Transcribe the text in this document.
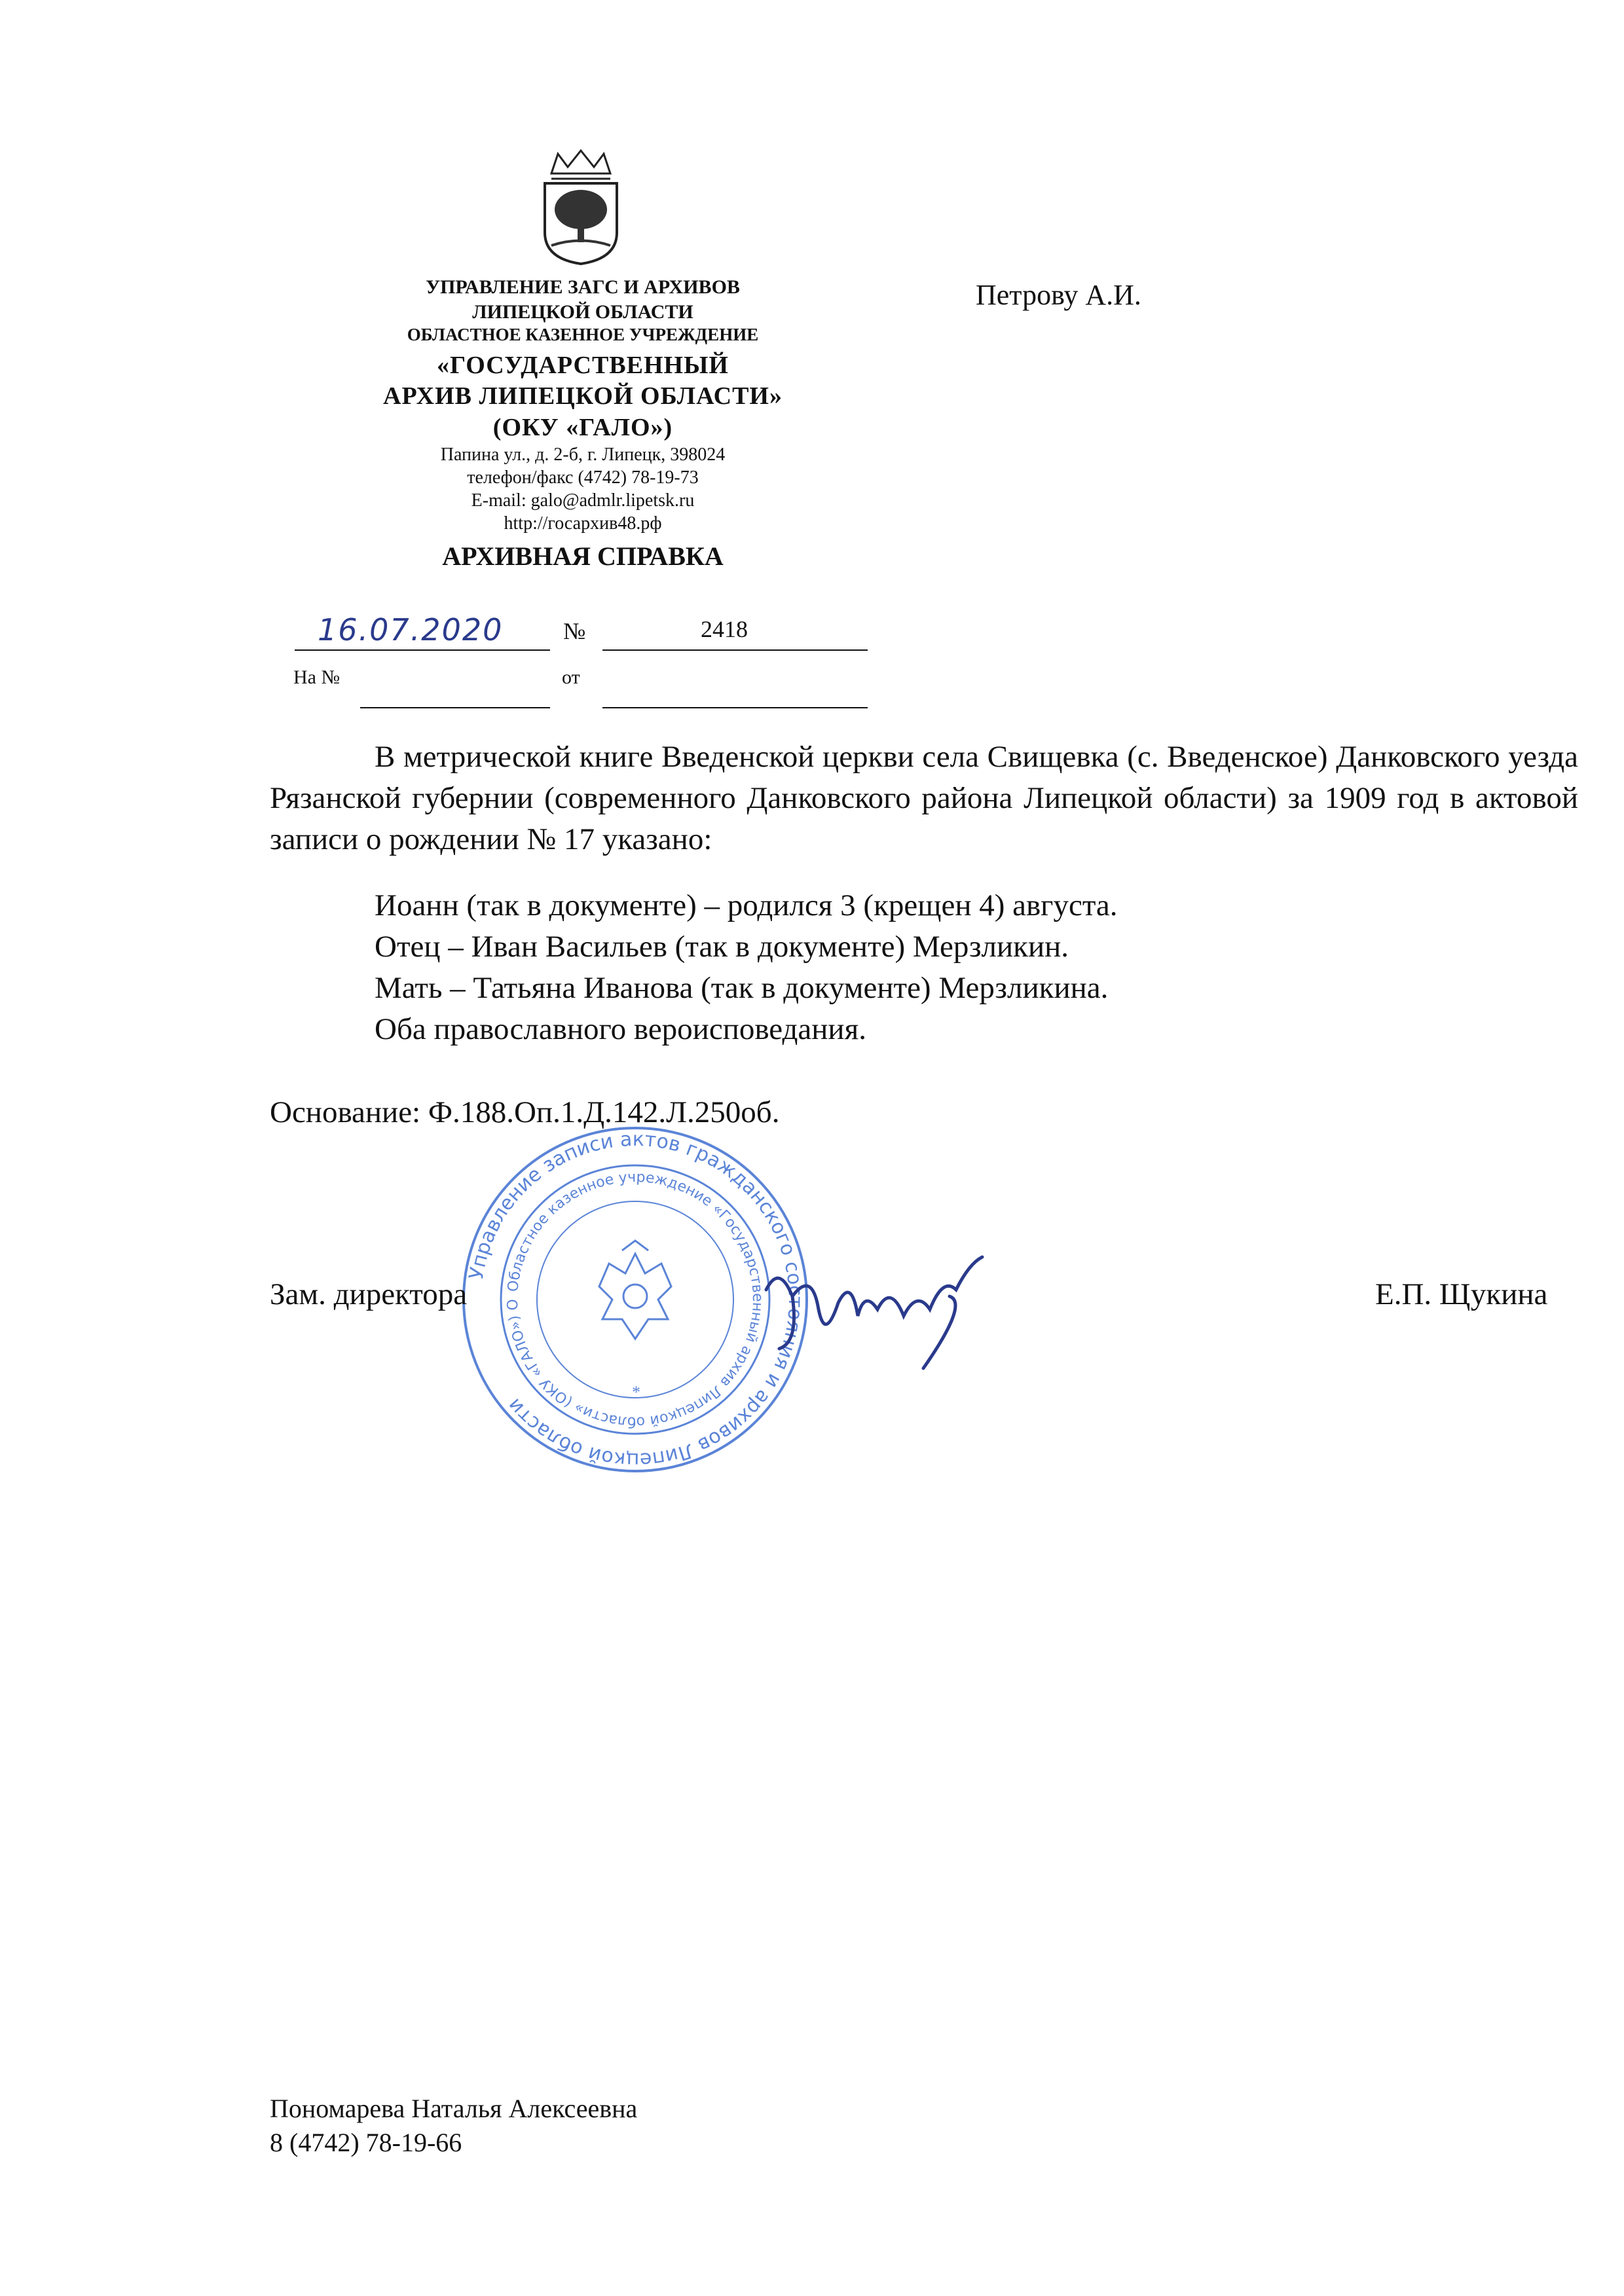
УПРАВЛЕНИЕ ЗАГС И АРХИВОВ
ЛИПЕЦКОЙ ОБЛАСТИ
ОБЛАСТНОЕ КАЗЕННОЕ УЧРЕЖДЕНИЕ
«ГОСУДАРСТВЕННЫЙ
АРХИВ ЛИПЕЦКОЙ ОБЛАСТИ»
(ОКУ «ГАЛО»)
Папина ул., д. 2-б, г. Липецк, 398024
телефон/факс (4742) 78-19-73
E-mail: galo@admlr.lipetsk.ru
http://госархив48.рф
АРХИВНАЯ СПРАВКА
Петрову А.И.
16.07.2020	№	2418
На №	от
В метрической книге Введенской церкви села Свищевка (с. Введенское) Данковского уезда Рязанской губернии (современного Данковского района Липецкой области) за 1909 год в актовой записи о рождении № 17 указано:
Иоанн (так в документе) – родился 3 (крещен 4) августа.
Отец – Иван Васильев (так в документе) Мерзликин.
Мать – Татьяна Иванова (так в документе) Мерзликина.
Оба православного вероисповедания.
Основание: Ф.188.Оп.1.Д.142.Л.250об.
Управление записи актов гражданского состояния и архивов Липецкой области
Областное казенное учреждение «Государственный архив Липецкой области» (ОКУ «ГАЛО») О
*
Зам. директора	Е.П. Щукина
Пономарева Наталья Алексеевна
8 (4742) 78-19-66
